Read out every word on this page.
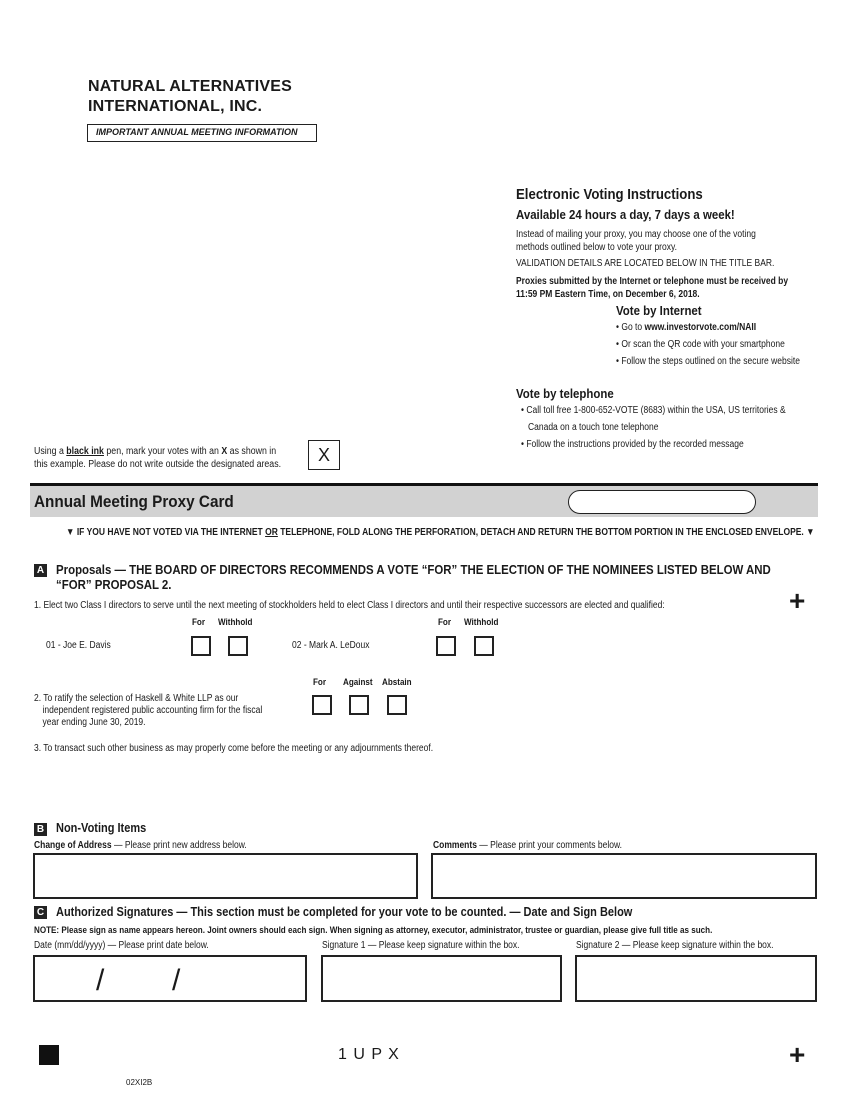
NATURAL ALTERNATIVES
INTERNATIONAL, INC.
IMPORTANT ANNUAL MEETING INFORMATION
Electronic Voting Instructions
Available 24 hours a day, 7 days a week!
Instead of mailing your proxy, you may choose one of the voting
methods outlined below to vote your proxy.
VALIDATION DETAILS ARE LOCATED BELOW IN THE TITLE BAR.
Proxies submitted by the Internet or telephone must be received by
11:59 PM Eastern Time, on December 6, 2018.
Vote by Internet
• Go to www.investorvote.com/NAII
• Or scan the QR code with your smartphone
• Follow the steps outlined on the secure website
Vote by telephone
• Call toll free 1-800-652-VOTE (8683) within the USA, US territories &
Canada on a touch tone telephone
• Follow the instructions provided by the recorded message
Using a black ink pen, mark your votes with an X as shown in
this example. Please do not write outside the designated areas.	X
Annual Meeting Proxy Card
▼ IF YOU HAVE NOT VOTED VIA THE INTERNET OR TELEPHONE, FOLD ALONG THE PERFORATION, DETACH AND RETURN THE BOTTOM PORTION IN THE ENCLOSED ENVELOPE. ▼
A Proposals — THE BOARD OF DIRECTORS RECOMMENDS A VOTE “FOR” THE ELECTION OF THE NOMINEES LISTED BELOW AND
“FOR” PROPOSAL 2.
+
1. Elect two Class I directors to serve until the next meeting of stockholders held to elect Class I directors and until their respective successors are elected and qualified:
For Withhold	For Withhold
01 - Joe E. Davis	02 - Mark A. LeDoux
For Against Abstain
2. To ratify the selection of Haskell & White LLP as our
independent registered public accounting firm for the fiscal
year ending June 30, 2019.
3. To transact such other business as may properly come before the meeting or any adjournments thereof.
B Non-Voting Items
Change of Address — Please print new address below.	Comments — Please print your comments below.
C Authorized Signatures — This section must be completed for your vote to be counted. — Date and Sign Below
NOTE: Please sign as name appears hereon. Joint owners should each sign. When signing as attorney, executor, administrator, trustee or guardian, please give full title as such.
Date (mm/dd/yyyy) — Please print date below.	Signature 1 — Please keep signature within the box.	Signature 2 — Please keep signature within the box.
/ /
1 U P X	+
02XI2B
